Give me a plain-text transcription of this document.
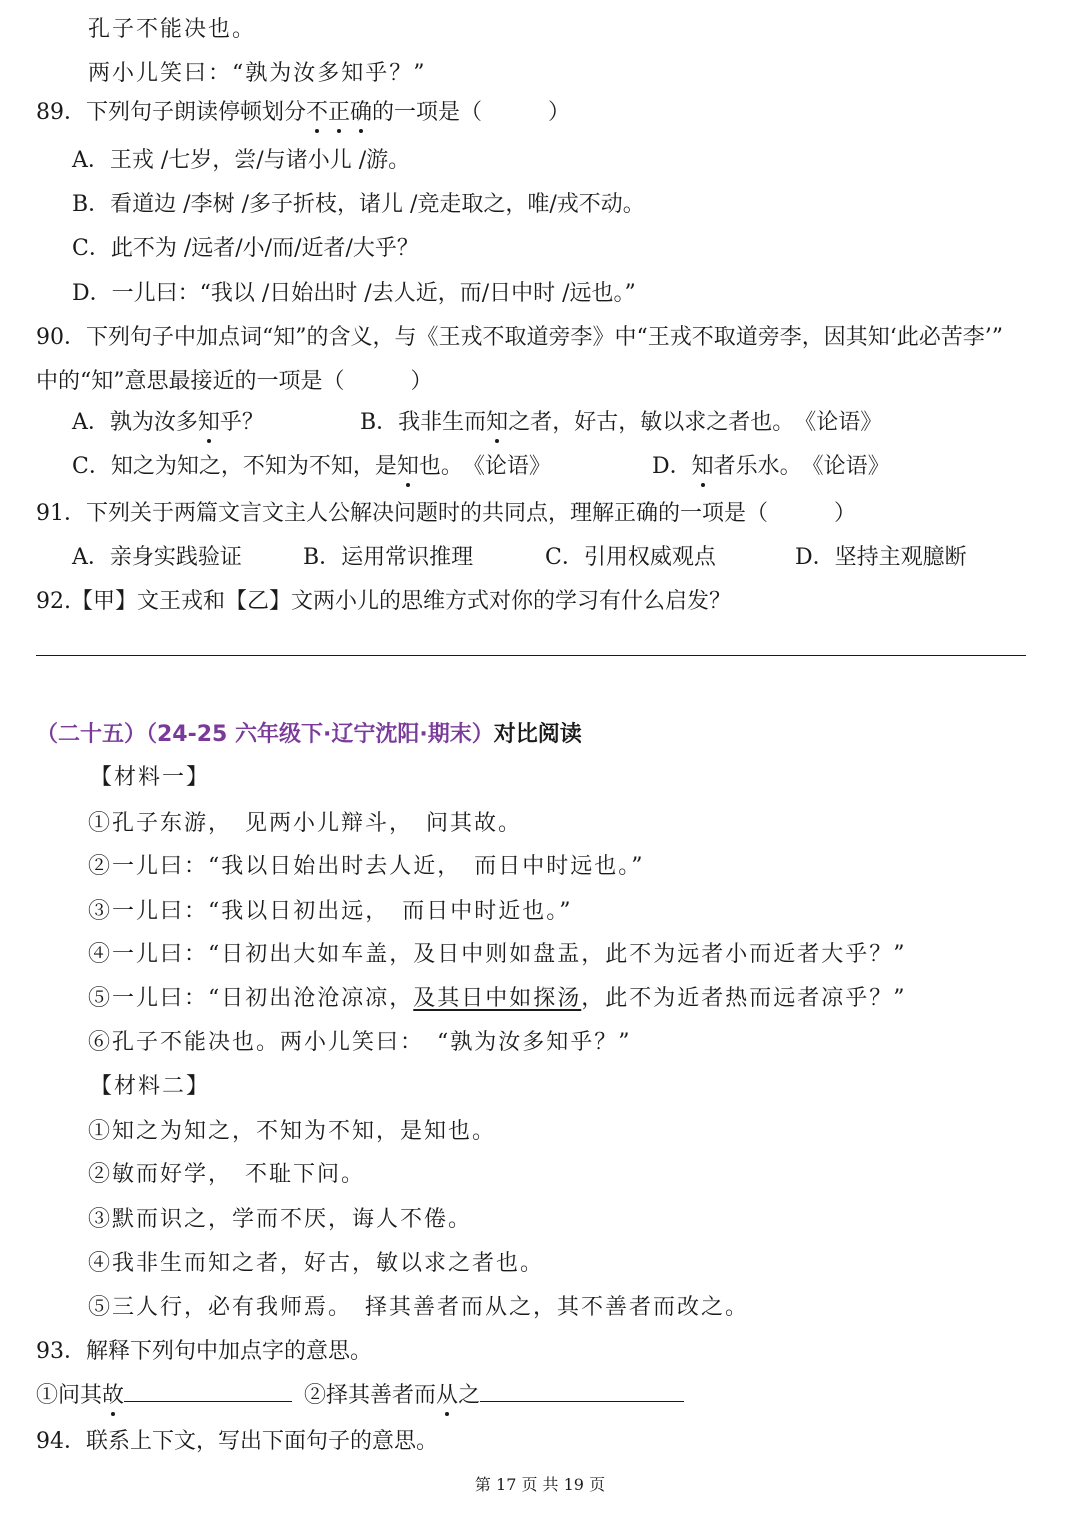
孔子不能决也。
两小儿笑曰：“孰为汝多知乎？”
89．下列句子朗读停顿划分不正确的一项是（　　　）
A．王戎 /七岁，尝/与诸小儿 /游。
B．看道边 /李树 /多子折枝，诸儿 /竞走取之，唯/戎不动。
C．此不为 /远者/小/而/近者/大乎？
D．一儿曰：“我以 /日始出时 /去人近，而/日中时 /远也。”
90．下列句子中加点词“知”的含义，与《王戎不取道旁李》中“王戎不取道旁李，因其知‘此必苦李’”
中的“知”意思最接近的一项是（　　　）
A．孰为汝多知乎？	B．我非生而知之者，好古，敏以求之者也。　《论语》
C．知之为知之，不知为不知，是知也。　《论语》	D．知者乐水。　《论语》
91．下列关于两篇文言文主人公解决问题时的共同点，理解正确的一项是（　　　）
A．亲身实践验证	B．运用常识推理	C．引用权威观点	D．坚持主观臆断
92.【甲】文王戎和【乙】文两小儿的思维方式对你的学习有什么启发？
（二十五）（24-25 六年级下·辽宁沈阳·期末）对比阅读
【材料一】
①孔子东游，　见两小儿辩斗，　问其故。
②一儿曰：“我以日始出时去人近，　而日中时远也。”
③一儿曰：“我以日初出远，　而日中时近也。”
④一儿曰：“日初出大如车盖，及日中则如盘盂，此不为远者小而近者大乎？”
⑤一儿曰：“日初出沧沧凉凉，及其日中如探汤，此不为近者热而远者凉乎？”
⑥孔子不能决也。两小儿笑曰：　“孰为汝多知乎？”
【材料二】
①知之为知之，不知为不知，是知也。
②敏而好学，　不耻下问。
③默而识之，学而不厌，诲人不倦。
④我非生而知之者，好古，敏以求之者也。
⑤三人行，必有我师焉。　择其善者而从之，其不善者而改之。
93．解释下列句中加点字的意思。
①问其故	②择其善者而从之
94．联系上下文，写出下面句子的意思。
第 17 页 共 19 页
